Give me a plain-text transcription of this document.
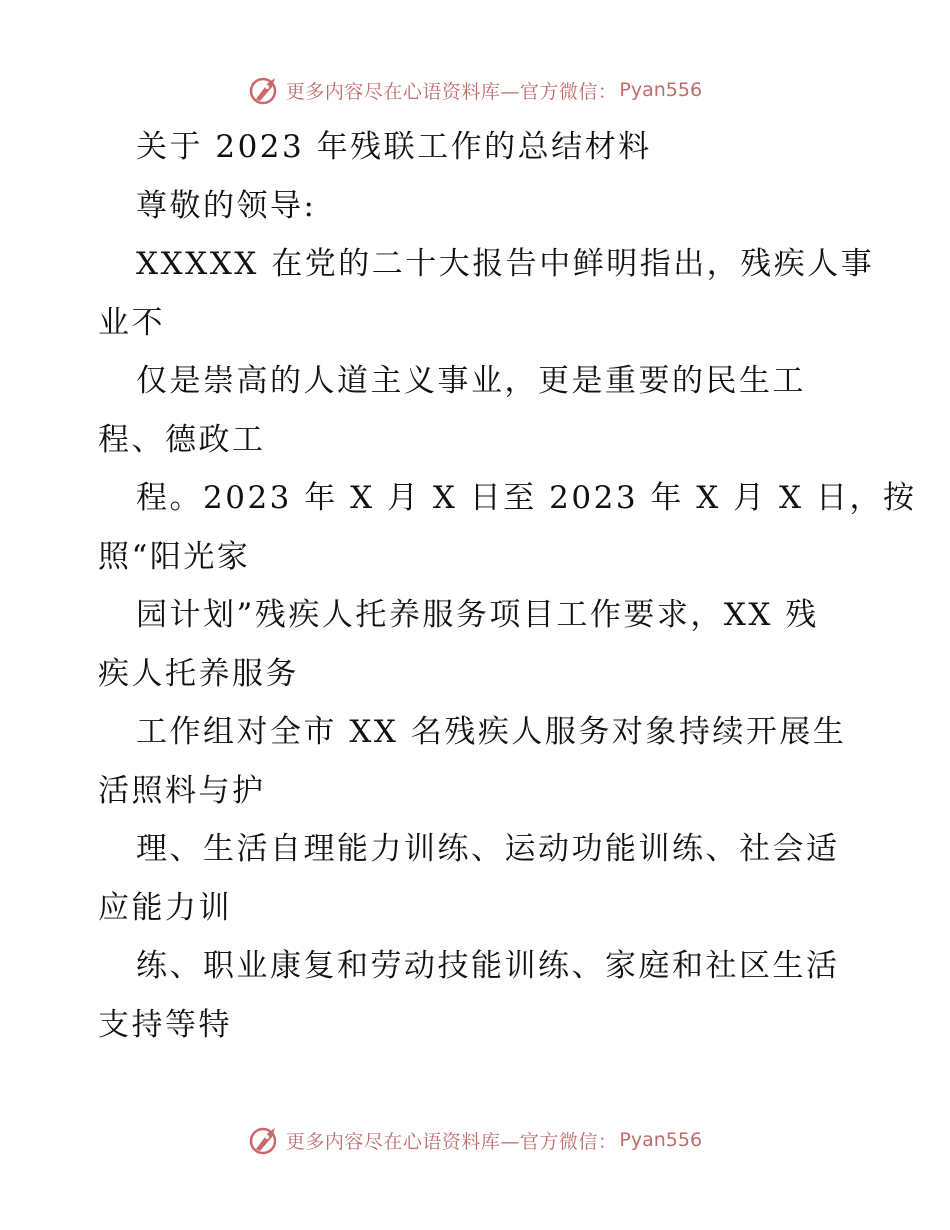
更多内容尽在心语资料库—官方微信： Pyan556
关于 2023 年残联工作的总结材料
尊敬的领导:
XXXXX 在党的二十大报告中鲜明指出，残疾人事
业不
仅是崇高的人道主义事业，更是重要的民生工
程、德政工
程。2023 年 X 月 X 日至 2023 年 X 月 X 日，按
照“阳光家
园计划”残疾人托养服务项目工作要求，XX 残
疾人托养服务
工作组对全市 XX 名残疾人服务对象持续开展生
活照料与护
理、生活自理能力训练、运动功能训练、社会适
应能力训
练、职业康复和劳动技能训练、家庭和社区生活
支持等特
更多内容尽在心语资料库—官方微信： Pyan556
